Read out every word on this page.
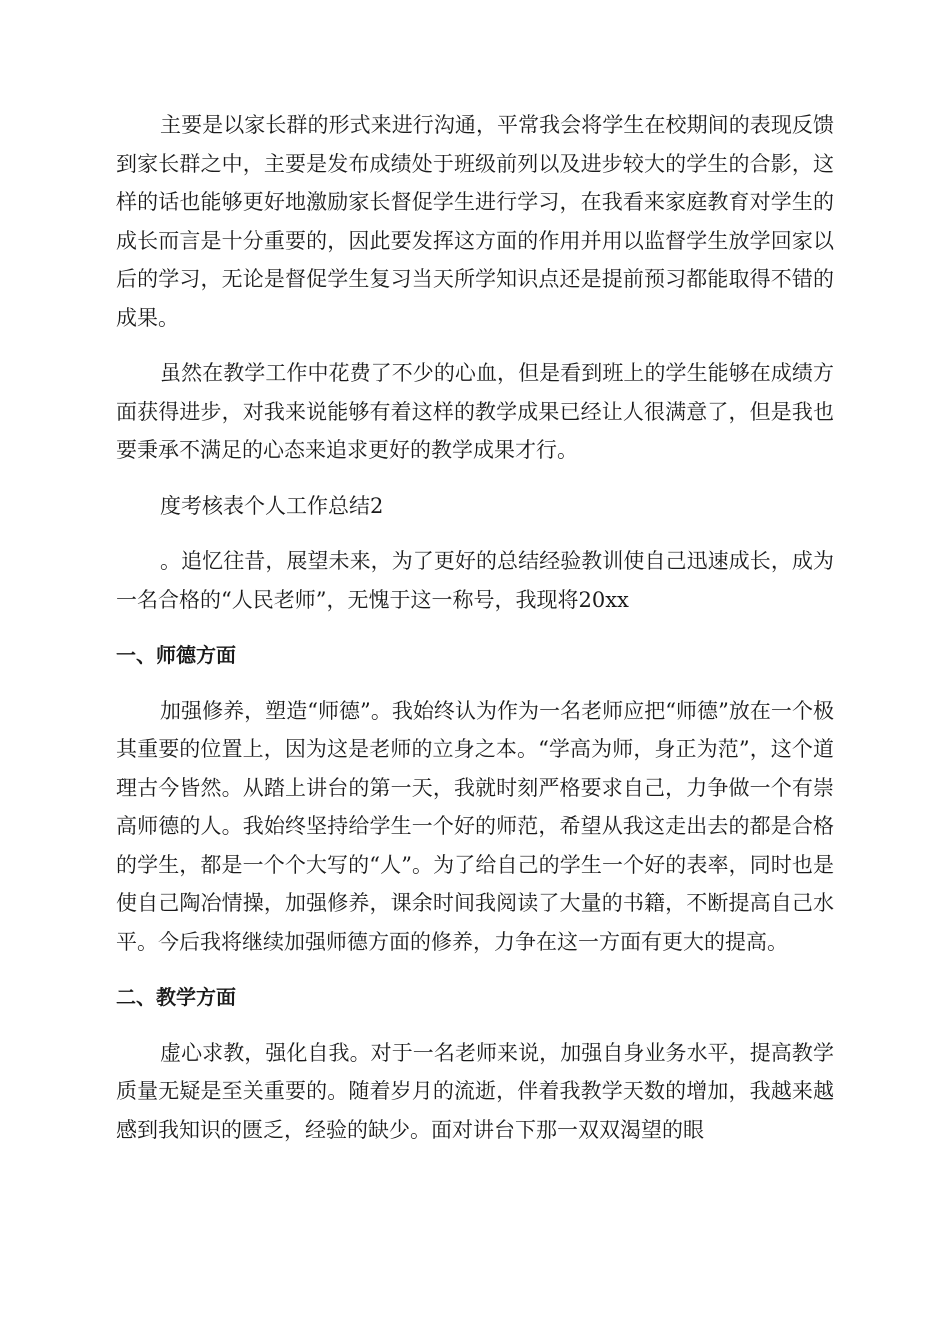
主要是以家长群的形式来进行沟通，平常我会将学生在校期间的表现反馈到家长群之中，主要是发布成绩处于班级前列以及进步较大的学生的合影，这样的话也能够更好地激励家长督促学生进行学习，在我看来家庭教育对学生的成长而言是十分重要的，因此要发挥这方面的作用并用以监督学生放学回家以后的学习，无论是督促学生复习当天所学知识点还是提前预习都能取得不错的成果。

虽然在教学工作中花费了不少的心血，但是看到班上的学生能够在成绩方面获得进步，对我来说能够有着这样的教学成果已经让人很满意了，但是我也要秉承不满足的心态来追求更好的教学成果才行。

度考核表个人工作总结2

。追忆往昔，展望未来，为了更好的总结经验教训使自己迅速成长，成为一名合格的“人民老师”，无愧于这一称号，我现将20xx

一、师德方面

加强修养，塑造“师德”。我始终认为作为一名老师应把“师德”放在一个极其重要的位置上，因为这是老师的立身之本。“学高为师，身正为范”，这个道理古今皆然。从踏上讲台的第一天，我就时刻严格要求自己，力争做一个有崇高师德的人。我始终坚持给学生一个好的师范，希望从我这走出去的都是合格的学生，都是一个个大写的“人”。为了给自己的学生一个好的表率，同时也是使自己陶冶情操，加强修养，课余时间我阅读了大量的书籍，不断提高自己水平。今后我将继续加强师德方面的修养，力争在这一方面有更大的提高。

二、教学方面

虚心求教，强化自我。对于一名老师来说，加强自身业务水平，提高教学质量无疑是至关重要的。随着岁月的流逝，伴着我教学天数的增加，我越来越感到我知识的匮乏，经验的缺少。面对讲台下那一双双渴望的眼
